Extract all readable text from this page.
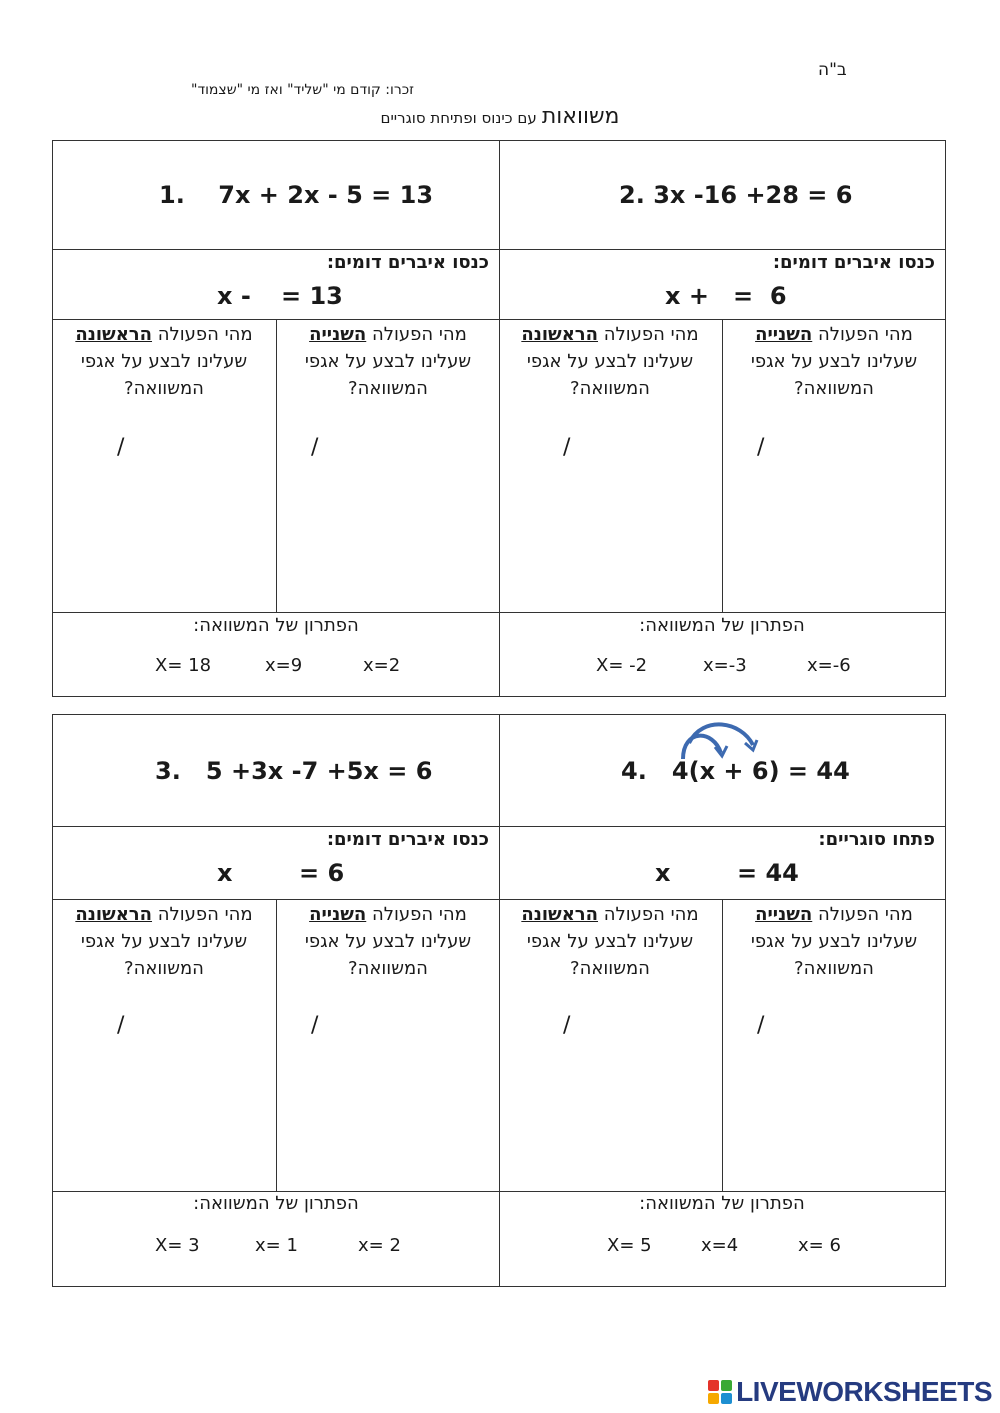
ב"ה
זכרו: קודם מי "שליד" ואז מי "שצמוד"
משוואות עם כינוס ופתיחת סוגריים
1. 7x + 2x - 5 = 13
כנסו איברים דומים:
x - = 13
מהי הפעולה הראשונה
שעלינו לבצע על אגפי
המשוואה?
מהי הפעולה השנייה
שעלינו לבצע על אגפי
המשוואה?
/	/
הפתרון של המשוואה:
X= 18	x=9	x=2
2. 3x -16 +28 = 6
כנסו איברים דומים:
x + =  6
מהי הפעולה הראשונה
שעלינו לבצע על אגפי
המשוואה?
מהי הפעולה השנייה
שעלינו לבצע על אגפי
המשוואה?
/	/
הפתרון של המשוואה:
X= -2	x=-3	x=-6
3. 5 +3x -7 +5x = 6
כנסו איברים דומים:
x	= 6
מהי הפעולה הראשונה
שעלינו לבצע על אגפי
המשוואה?
מהי הפעולה השנייה
שעלינו לבצע על אגפי
המשוואה?
/	/
הפתרון של המשוואה:
X= 3	x= 1	x= 2
4. 4(x + 6) = 44
פתחו סוגריים:
x	= 44
מהי הפעולה הראשונה
שעלינו לבצע על אגפי
המשוואה?
מהי הפעולה השנייה
שעלינו לבצע על אגפי
המשוואה?
/	/
הפתרון של המשוואה:
X= 5	x=4	x= 6
LIVEWORKSHEETS
